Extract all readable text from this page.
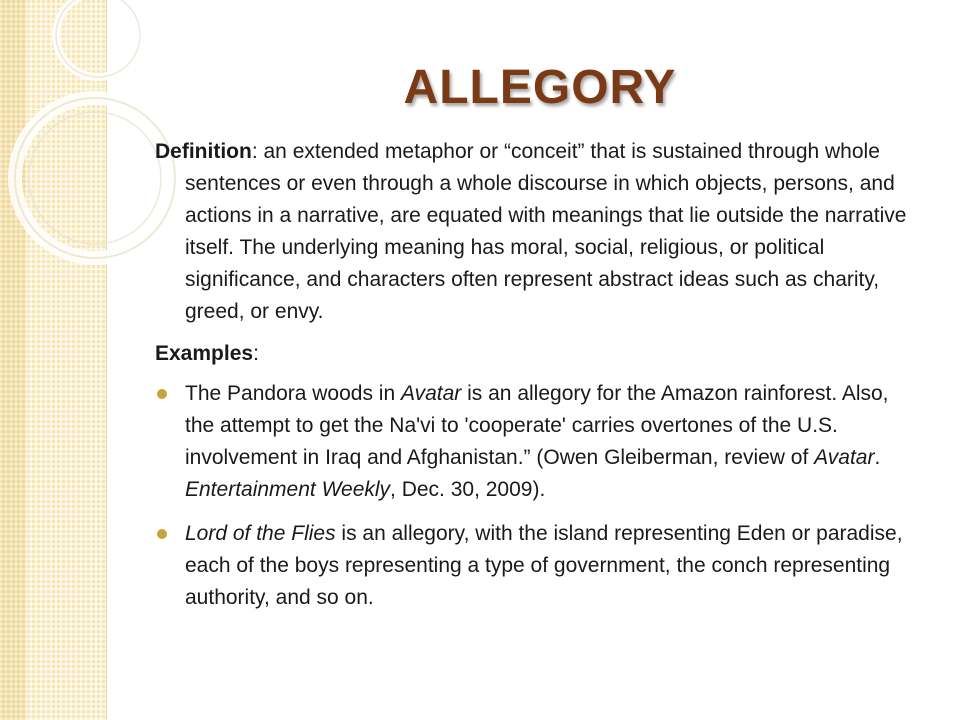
ALLEGORY

Definition: an extended metaphor or “conceit” that is sustained through whole sentences or even through a whole discourse in which objects, persons, and actions in a narrative, are equated with meanings that lie outside the narrative itself. The underlying meaning has moral, social, religious, or political significance, and characters often represent abstract ideas such as charity, greed, or envy.

Examples:

The Pandora woods in Avatar is an allegory for the Amazon rainforest. Also, the attempt to get the Na'vi to 'cooperate' carries overtones of the U.S. involvement in Iraq and Afghanistan.” (Owen Gleiberman, review of Avatar. Entertainment Weekly, Dec. 30, 2009).
Lord of the Flies is an allegory, with the island representing Eden or paradise, each of the boys representing a type of government, the conch representing authority, and so on.
